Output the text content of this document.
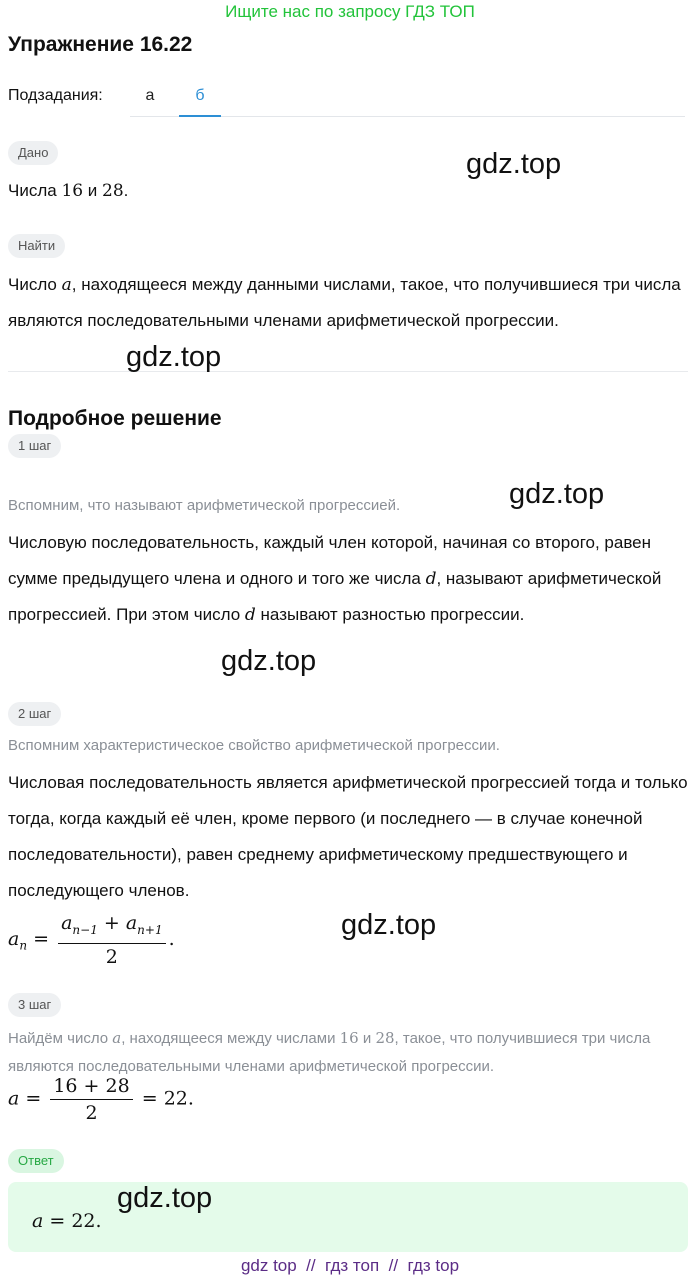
Ищите нас по запросу ГДЗ ТОП
Упражнение 16.22
Подзадания:	а	б
Дано
Числа 16 и 28.
Найти
Число a, находящееся между данными числами, такое, что получившиеся три числа являются последовательными членами арифметической прогрессии.
Подробное решение
1 шаг
Вспомним, что называют арифметической прогрессией.
Числовую последовательность, каждый член которой, начиная со второго, равен сумме предыдущего члена и одного и того же числа d, называют арифметической прогрессией. При этом число d называют разностью прогрессии.
2 шаг
Вспомним характеристическое свойство арифметической прогрессии.
Числовая последовательность является арифметической прогрессией тогда и только тогда, когда каждый её член, кроме первого (и последнего — в случае конечной последовательности), равен среднему арифметическому предшествующего и последующего членов.
$a_n = \frac{a_{n-1} + a_{n+1}}{2}$ .
3 шаг
Найдём число a, находящееся между числами 16 и 28, такое, что получившиеся три числа являются последовательными членами арифметической прогрессии.
$a = \frac{16 + 28}{2} = 22$.
Ответ
a = 22.
gdz.top
gdz.top
gdz.top
gdz.top
gdz.top
gdz.top
gdz top  //  гдз топ  //  гдз top
